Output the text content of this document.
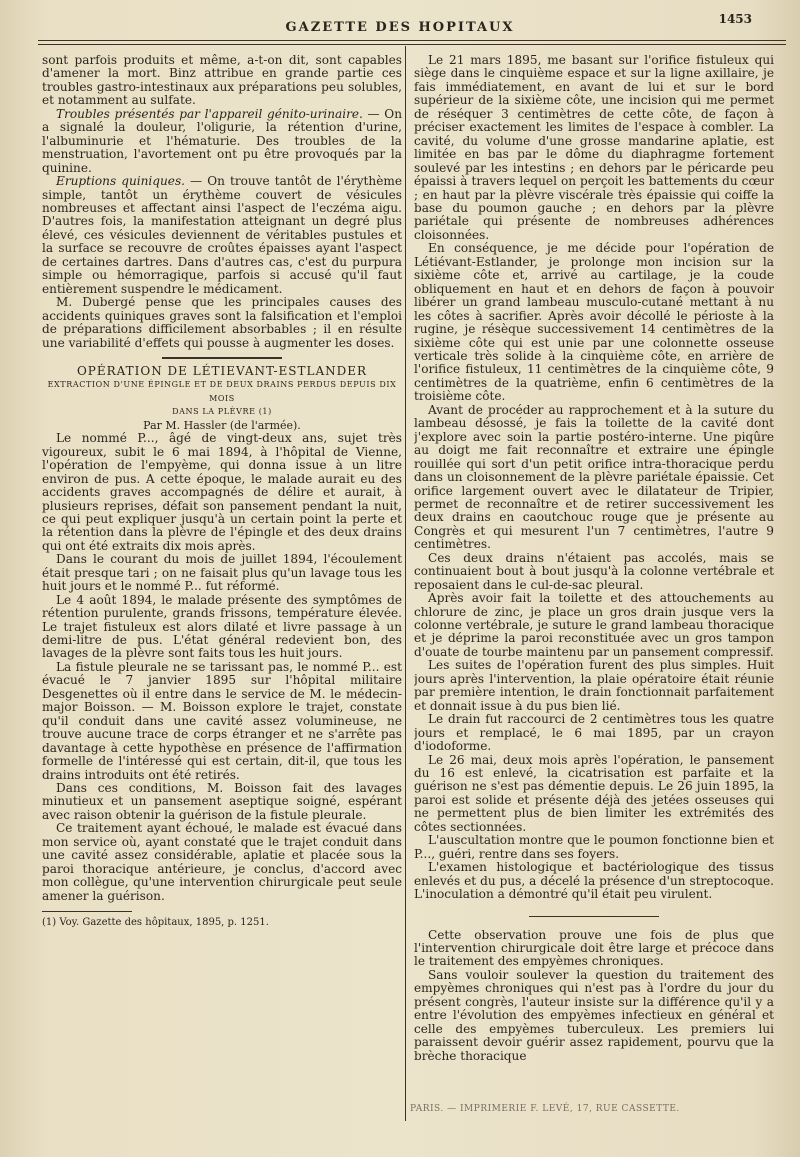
GAZETTE DES HOPITAUX
1453

sont parfois produits et même, a-t-on dit, sont capables d'amener la mort. Binz attribue en grande partie ces troubles gastro-intestinaux aux préparations peu solubles, et notamment au sulfate.

Troubles présentés par l'appareil génito-urinaire. — On a signalé la douleur, l'oligurie, la rétention d'urine, l'albuminurie et l'hématurie. Des troubles de la menstruation, l'avortement ont pu être provoqués par la quinine.

Eruptions quiniques. — On trouve tantôt de l'érythème simple, tantôt un érythème couvert de vésicules nombreuses et affectant ainsi l'aspect de l'eczéma aigu. D'autres fois, la manifestation atteignant un degré plus élevé, ces vésicules deviennent de véritables pustules et la surface se recouvre de croûtes épaisses ayant l'aspect de certaines dartres. Dans d'autres cas, c'est du purpura simple ou hémorragique, parfois si accusé qu'il faut entièrement suspendre le médicament.

M. Dubergé pense que les principales causes des accidents quiniques graves sont la falsification et l'emploi de préparations difficilement absorbables ; il en résulte une variabilité d'effets qui pousse à augmenter les doses.

OPÉRATION DE LÉTIEVANT-ESTLANDER

EXTRACTION D'UNE ÉPINGLE ET DE DEUX DRAINS PERDUS DEPUIS DIX MOIS

DANS LA PLÈVRE (1)

Par M. Hassler (de l'armée).

Le nommé P..., âgé de vingt-deux ans, sujet très vigoureux, subit le 6 mai 1894, à l'hôpital de Vienne, l'opération de l'empyème, qui donna issue à un litre environ de pus. A cette époque, le malade aurait eu des accidents graves accompagnés de délire et aurait, à plusieurs reprises, défait son pansement pendant la nuit, ce qui peut expliquer jusqu'à un certain point la perte et la rétention dans la plèvre de l'épingle et des deux drains qui ont été extraits dix mois après.

Dans le courant du mois de juillet 1894, l'écoulement était presque tari ; on ne faisait plus qu'un lavage tous les huit jours et le nommé P... fut réformé.

Le 4 août 1894, le malade présente des symptômes de rétention purulente, grands frissons, température élevée. Le trajet fistuleux est alors dilaté et livre passage à un demi-litre de pus. L'état général redevient bon, des lavages de la plèvre sont faits tous les huit jours.

La fistule pleurale ne se tarissant pas, le nommé P... est évacué le 7 janvier 1895 sur l'hôpital militaire Desgenettes où il entre dans le service de M. le médecin-major Boisson. — M. Boisson explore le trajet, constate qu'il conduit dans une cavité assez volumineuse, ne trouve aucune trace de corps étranger et ne s'arrête pas davantage à cette hypothèse en présence de l'affirmation formelle de l'intéressé qui est certain, dit-il, que tous les drains introduits ont été retirés.

Dans ces conditions, M. Boisson fait des lavages minutieux et un pansement aseptique soigné, espérant avec raison obtenir la guérison de la fistule pleurale.

Ce traitement ayant échoué, le malade est évacué dans mon service où, ayant constaté que le trajet conduit dans une cavité assez considérable, aplatie et placée sous la paroi thoracique antérieure, je conclus, d'accord avec mon collègue, qu'une intervention chirurgicale peut seule amener la guérison.

(1) Voy. Gazette des hôpitaux, 1895, p. 1251.

Le 21 mars 1895, me basant sur l'orifice fistuleux qui siège dans le cinquième espace et sur la ligne axillaire, je fais immédiatement, en avant de lui et sur le bord supérieur de la sixième côte, une incision qui me permet de réséquer 3 centimètres de cette côte, de façon à préciser exactement les limites de l'espace à combler. La cavité, du volume d'une grosse mandarine aplatie, est limitée en bas par le dôme du diaphragme fortement soulevé par les intestins ; en dehors par le péricarde peu épaissi à travers lequel on perçoit les battements du cœur ; en haut par la plèvre viscérale très épaissie qui coiffe la base du poumon gauche ; en dehors par la plèvre pariétale qui présente de nombreuses adhérences cloisonnées.

En conséquence, je me décide pour l'opération de Létiévant-Estlander, je prolonge mon incision sur la sixième côte et, arrivé au cartilage, je la coude obliquement en haut et en dehors de façon à pouvoir libérer un grand lambeau musculo-cutané mettant à nu les côtes à sacrifier. Après avoir décollé le périoste à la rugine, je résèque successivement 14 centimètres de la sixième côte qui est unie par une colonnette osseuse verticale très solide à la cinquième côte, en arrière de l'orifice fistuleux, 11 centimètres de la cinquième côte, 9 centimètres de la quatrième, enfin 6 centimètres de la troisième côte.

Avant de procéder au rapprochement et à la suture du lambeau désossé, je fais la toilette de la cavité dont j'explore avec soin la partie postéro-interne. Une piqûre au doigt me fait reconnaître et extraire une épingle rouillée qui sort d'un petit orifice intra-thoracique perdu dans un cloisonnement de la plèvre pariétale épaissie. Cet orifice largement ouvert avec le dilatateur de Tripier, permet de reconnaître et de retirer successivement les deux drains en caoutchouc rouge que je présente au Congrès et qui mesurent l'un 7 centimètres, l'autre 9 centimètres.

Ces deux drains n'étaient pas accolés, mais se continuaient bout à bout jusqu'à la colonne vertébrale et reposaient dans le cul-de-sac pleural.

Après avoir fait la toilette et des attouchements au chlorure de zinc, je place un gros drain jusque vers la colonne vertébrale, je suture le grand lambeau thoracique et je déprime la paroi reconstituée avec un gros tampon d'ouate de tourbe maintenu par un pansement compressif.

Les suites de l'opération furent des plus simples. Huit jours après l'intervention, la plaie opératoire était réunie par première intention, le drain fonctionnait parfaitement et donnait issue à du pus bien lié.

Le drain fut raccourci de 2 centimètres tous les quatre jours et remplacé, le 6 mai 1895, par un crayon d'iodoforme.

Le 26 mai, deux mois après l'opération, le pansement du 16 est enlevé, la cicatrisation est parfaite et la guérison ne s'est pas démentie depuis. Le 26 juin 1895, la paroi est solide et présente déjà des jetées osseuses qui ne permettent plus de bien limiter les extrémités des côtes sectionnées.

L'auscultation montre que le poumon fonctionne bien et P..., guéri, rentre dans ses foyers.

L'examen histologique et bactériologique des tissus enlevés et du pus, a décelé la présence d'un streptocoque. L'inoculation a démontré qu'il était peu virulent.

Cette observation prouve une fois de plus que l'intervention chirurgicale doit être large et précoce dans le traitement des empyèmes chroniques.

Sans vouloir soulever la question du traitement des empyèmes chroniques qui n'est pas à l'ordre du jour du présent congrès, l'auteur insiste sur la différence qu'il y a entre l'évolution des empyèmes infectieux en général et celle des empyèmes tuberculeux. Les premiers lui paraissent devoir guérir assez rapidement, pourvu que la brèche thoracique

PARIS. — IMPRIMERIE F. LEVÉ, 17, RUE CASSETTE.
